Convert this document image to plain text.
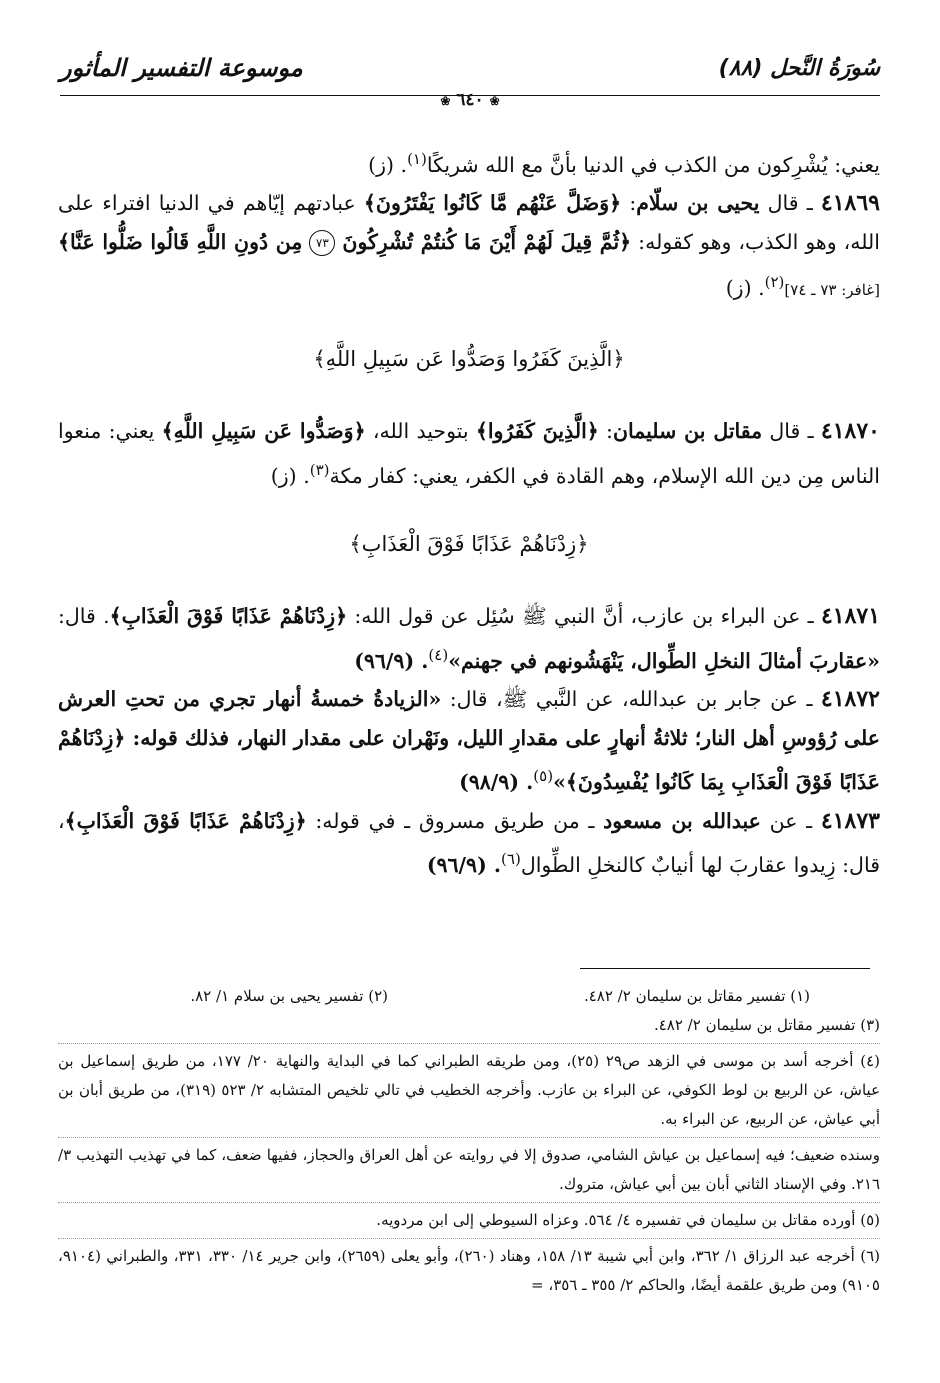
سُورَةُ النَّحل (٨٨)
موسوعة التفسير المأثور
❀ ٦٤٠ ❀

يعني: يُشْرِكون من الكذب في الدنيا بأنَّ مع الله شريكًا$^{(١)}$. (ز)

٤١٨٦٩ ـ قال يحيى بن سلّام: ﴿وَضَلَّ عَنْهُم مَّا كَانُوا يَفْتَرُونَ﴾ عبادتهم إيّاهم في الدنيا افتراء على الله، وهو الكذب، وهو كقوله: ﴿ثُمَّ قِيلَ لَهُمْ أَيْنَ مَا كُنتُمْ تُشْرِكُونَ ٧٣ مِن دُونِ اللَّهِ قَالُوا ضَلُّوا عَنَّا﴾ [غافر: ٧٣ ـ ٧٤]$^{(٢)}$. (ز)

﴿الَّذِينَ كَفَرُوا وَصَدُّوا عَن سَبِيلِ اللَّهِ﴾

٤١٨٧٠ ـ قال مقاتل بن سليمان: ﴿الَّذِينَ كَفَرُوا﴾ بتوحيد الله، ﴿وَصَدُّوا عَن سَبِيلِ اللَّهِ﴾ يعني: منعوا الناس مِن دين الله الإسلام، وهم القادة في الكفر، يعني: كفار مكة$^{(٣)}$. (ز)

﴿زِدْنَاهُمْ عَذَابًا فَوْقَ الْعَذَابِ﴾

٤١٨٧١ ـ عن البراء بن عازب، أنَّ النبي ﷺ سُئِل عن قول الله: ﴿زِدْنَاهُمْ عَذَابًا فَوْقَ الْعَذَابِ﴾. قال: «عقاربَ أمثالَ النخلِ الطِّوال، يَنْهَشُونهم في جهنم»$^{(٤)}$. (٩٦/٩)

٤١٨٧٢ ـ عن جابر بن عبدالله، عن النَّبي ﷺ، قال: «الزيادةُ خمسةُ أنهار تجري من تحتِ العرش على رُؤوسِ أهل النار؛ ثلاثةُ أنهارٍ على مقدارِ الليل، ونَهْران على مقدار النهار، فذلك قوله: ﴿زِدْنَاهُمْ عَذَابًا فَوْقَ الْعَذَابِ بِمَا كَانُوا يُفْسِدُونَ﴾»$^{(٥)}$. (٩٨/٩)

٤١٨٧٣ ـ عن عبدالله بن مسعود ـ من طريق مسروق ـ في قوله: ﴿زِدْنَاهُمْ عَذَابًا فَوْقَ الْعَذَابِ﴾، قال: زِيدوا عقاربَ لها أنيابٌ كالنخلِ الطِّوال$^{(٦)}$. (٩٦/٩)

(١) تفسير مقاتل بن سليمان ٢/ ٤٨٢.
(٢) تفسير يحيى بن سلام ١/ ٨٢.

(٣) تفسير مقاتل بن سليمان ٢/ ٤٨٢.

(٤) أخرجه أسد بن موسى في الزهد ص٢٩ (٢٥)، ومن طريقه الطبراني كما في البداية والنهاية ٢٠/ ١٧٧، من طريق إسماعيل بن عياش، عن الربيع بن لوط الكوفي، عن البراء بن عازب. وأخرجه الخطيب في تالي تلخيص المتشابه ٢/ ٥٢٣ (٣١٩)، من طريق أبان بن أبي عياش، عن الربيع، عن البراء به.

وسنده ضعيف؛ فيه إسماعيل بن عياش الشامي، صدوق إلا في روايته عن أهل العراق والحجاز، ففيها ضعف، كما في تهذيب التهذيب ٣/ ٢١٦. وفي الإسناد الثاني أبان بين أبي عياش، متروك.

(٥) أورده مقاتل بن سليمان في تفسيره ٤/ ٥٦٤. وعزاه السيوطي إلى ابن مردويه.

(٦) أخرجه عبد الرزاق ١/ ٣٦٢، وابن أبي شيبة ١٣/ ١٥٨، وهناد (٢٦٠)، وأبو يعلى (٢٦٥٩)، وابن جرير ١٤/ ٣٣٠، ٣٣١، والطبراني (٩١٠٤، ٩١٠٥) ومن طريق علقمة أيضًا، والحاكم ٢/ ٣٥٥ ـ ٣٥٦، =
